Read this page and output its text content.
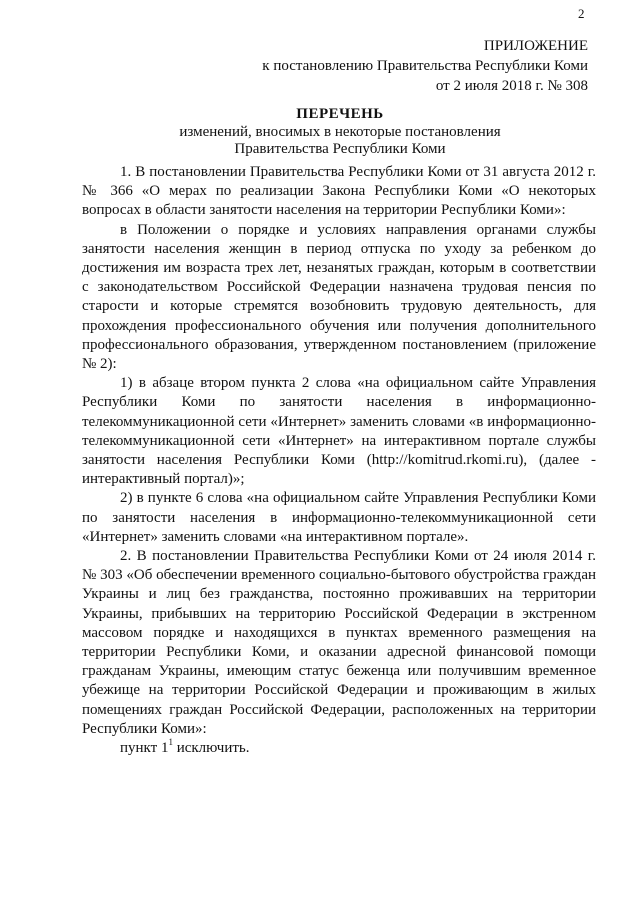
2
ПРИЛОЖЕНИЕ
к постановлению Правительства Республики Коми
от 2 июля 2018 г. № 308
ПЕРЕЧЕНЬ
изменений, вносимых в некоторые постановления
Правительства Республики Коми

1. В постановлении Правительства Республики Коми от 31 августа 2012 г. № 366 «О мерах по реализации Закона Республики Коми «О некоторых вопросах в области занятости населения на территории Республики Коми»:

в Положении о порядке и условиях направления органами службы занятости населения женщин в период отпуска по уходу за ребенком до достижения им возраста трех лет, незанятых граждан, которым в соответствии с законодательством Российской Федерации назначена трудовая пенсия по старости и которые стремятся возобновить трудовую деятельность, для прохождения профессионального обучения или получения дополнительного профессионального образования, утвержденном постановлением (приложение № 2):

1) в абзаце втором пункта 2 слова «на официальном сайте Управления Республики Коми по занятости населения в информационно-телекоммуникационной сети «Интернет» заменить словами «в информационно-телекоммуникационной сети «Интернет» на интерактивном портале службы занятости населения Республики Коми (http://komitrud.rkomi.ru), (далее - интерактивный портал)»;

2) в пункте 6 слова «на официальном сайте Управления Республики Коми по занятости населения в информационно-телекоммуникационной сети «Интернет» заменить словами «на интерактивном портале».

2. В постановлении Правительства Республики Коми от 24 июля 2014 г. № 303 «Об обеспечении временного социально-бытового обустройства граждан Украины и лиц без гражданства, постоянно проживавших на территории Украины, прибывших на территорию Российской Федерации в экстренном массовом порядке и находящихся в пунктах временного размещения на территории Республики Коми, и оказании адресной финансовой помощи гражданам Украины, имеющим статус беженца или получившим временное убежище на территории Российской Федерации и проживающим в жилых помещениях граждан Российской Федерации, расположенных на территории Республики Коми»:

пункт $1^1$ исключить.
